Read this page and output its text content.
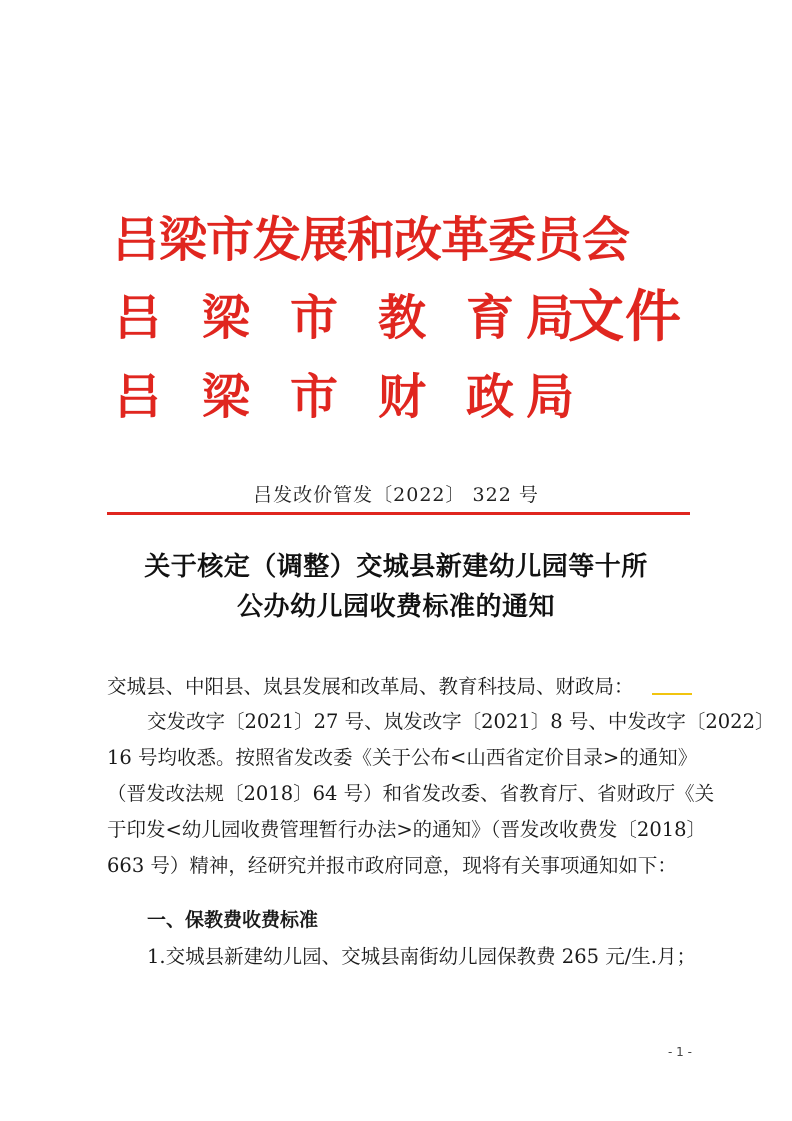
吕梁市发展和改革委员会
吕 梁 市 教 育 局
文件
吕 梁 市 财 政 局
吕发改价管发〔2022〕 322 号
关于核定（调整）交城县新建幼儿园等十所
公办幼儿园收费标准的通知
交城县、中阳县、岚县发展和改革局、教育科技局、财政局：
交发改字〔2021〕27 号、岚发改字〔2021〕8 号、中发改字〔2022〕
16 号均收悉。按照省发改委《关于公布<山西省定价目录>的通知》
（晋发改法规〔2018〕64 号）和省发改委、省教育厅、省财政厅《关
于印发<幼儿园收费管理暂行办法>的通知》（晋发改收费发〔2018〕
663 号）精神，经研究并报市政府同意，现将有关事项通知如下：
一、保教费收费标准
1.交城县新建幼儿园、交城县南街幼儿园保教费 265 元/生.月；
- 1 -
